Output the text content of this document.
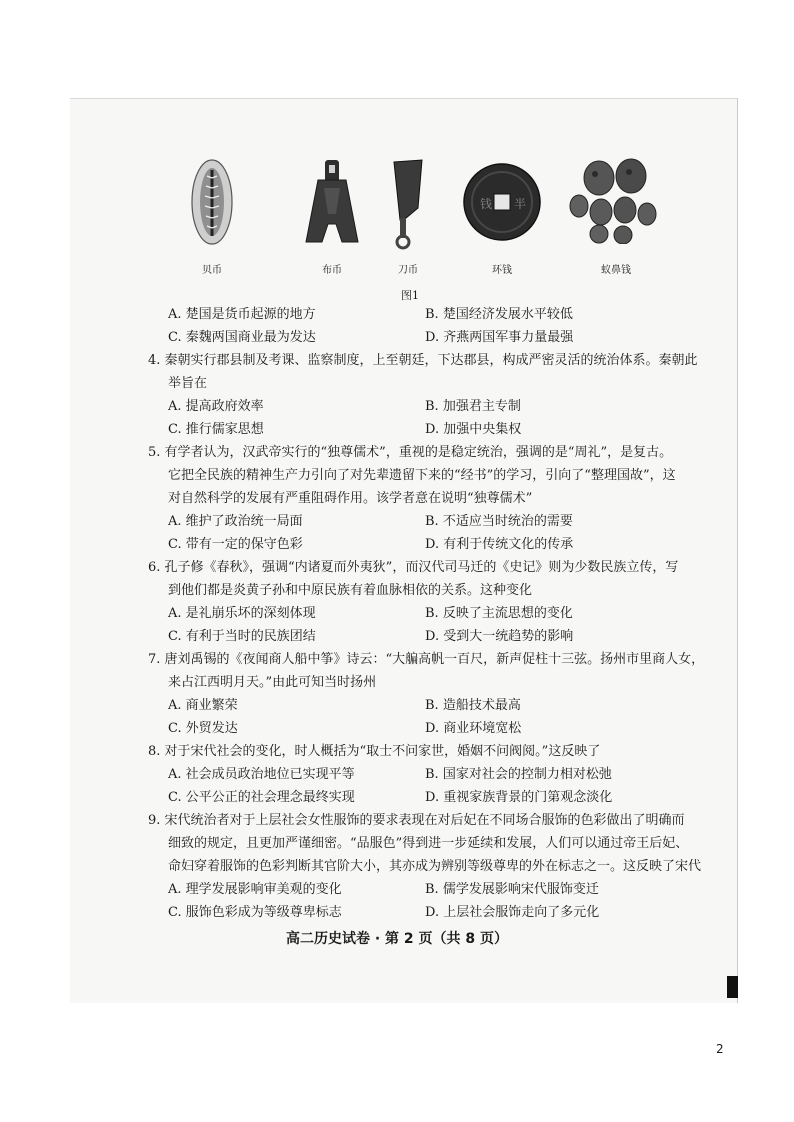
钱 半
贝币	布币	刀币	环钱	蚁鼻钱
图1
A. 楚国是货币起源的地方	B. 楚国经济发展水平较低
C. 秦魏两国商业最为发达	D. 齐燕两国军事力量最强
4. 秦朝实行郡县制及考课、监察制度，上至朝廷，下达郡县，构成严密灵活的统治体系。秦朝此
举旨在
A. 提高政府效率	B. 加强君主专制
C. 推行儒家思想	D. 加强中央集权
5. 有学者认为，汉武帝实行的“独尊儒术”，重视的是稳定统治，强调的是“周礼”，是复古。
它把全民族的精神生产力引向了对先辈遗留下来的“经书”的学习，引向了“整理国故”，这
对自然科学的发展有严重阻碍作用。该学者意在说明“独尊儒术”
A. 维护了政治统一局面	B. 不适应当时统治的需要
C. 带有一定的保守色彩	D. 有利于传统文化的传承
6. 孔子修《春秋》，强调“内诸夏而外夷狄”，而汉代司马迁的《史记》则为少数民族立传，写
到他们都是炎黄子孙和中原民族有着血脉相依的关系。这种变化
A. 是礼崩乐坏的深刻体现	B. 反映了主流思想的变化
C. 有利于当时的民族团结	D. 受到大一统趋势的影响
7. 唐刘禹锡的《夜闻商人船中筝》诗云：“大艑高帆一百尺，新声促柱十三弦。扬州市里商人女，
来占江西明月天。”由此可知当时扬州
A. 商业繁荣	B. 造船技术最高
C. 外贸发达	D. 商业环境宽松
8. 对于宋代社会的变化，时人概括为“取士不问家世，婚姻不问阀阅。”这反映了
A. 社会成员政治地位已实现平等	B. 国家对社会的控制力相对松弛
C. 公平公正的社会理念最终实现	D. 重视家族背景的门第观念淡化
9. 宋代统治者对于上层社会女性服饰的要求表现在对后妃在不同场合服饰的色彩做出了明确而
细致的规定，且更加严谨细密。“品服色”得到进一步延续和发展，人们可以通过帝王后妃、
命妇穿着服饰的色彩判断其官阶大小，其亦成为辨别等级尊卑的外在标志之一。这反映了宋代
A. 理学发展影响审美观的变化	B. 儒学发展影响宋代服饰变迁
C. 服饰色彩成为等级尊卑标志	D. 上层社会服饰走向了多元化
高二历史试卷 · 第 2 页（共 8 页）
2
